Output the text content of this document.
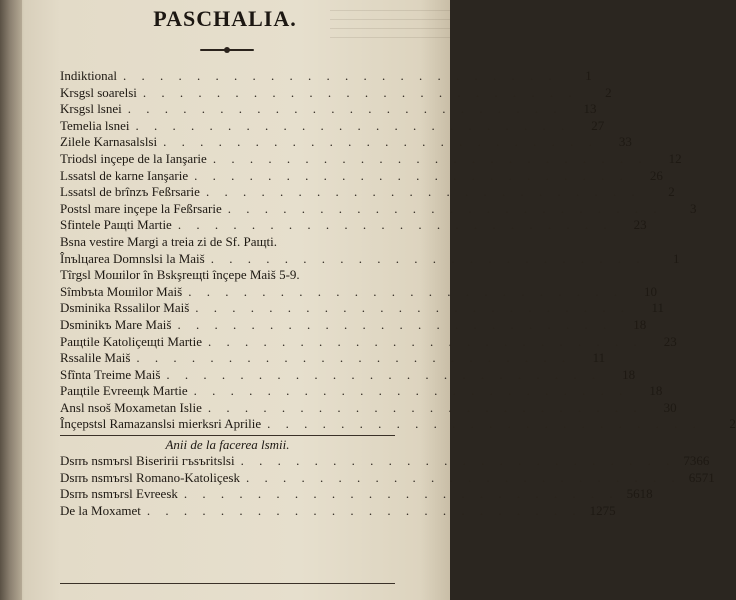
PASCHALIA.
Indiktional . . . . . . . . . . . . . . . . . . . . . . . .	1
Krsgsl soarelsi . . . . . . . . . . . . . . . . . . . . . . . .	2
Krsgsl lsnei . . . . . . . . . . . . . . . . . . . . . . . .	13
Temelia lsnei . . . . . . . . . . . . . . . . . . . . . . . .	27
Zilele Karnasalslsi . . . . . . . . . . . . . . . . . . . . . . . .	33
Triodsl inçepe de la Ianşarie . . . . . . . . . . . . . . . . . . . . . . . .	12
Lssatsl de karne Ianşarie . . . . . . . . . . . . . . . . . . . . . . . .	26
Lssatsl de brînzъ Feßrsarie . . . . . . . . . . . . . . . . . . . . . . . .	2
Postsl mare inçepe la Feßrsarie . . . . . . . . . . . . . . . . . . . . . . . .	3
Sfintele Paщti Martie . . . . . . . . . . . . . . . . . . . . . . . .	23
Bsna vestire Margi a treia zi de Sf. Paщti.
Înъlцarea Domnslsi la Maiš . . . . . . . . . . . . . . . . . . . . . . . .	1
Tîrgsl Moшilor în Bskşreщti înçepe Maiš 5-9.
Sîmbъta Moшilor Maiš . . . . . . . . . . . . . . . . . . . . . . . .	10
Dsminika Rssalilor Maiš . . . . . . . . . . . . . . . . . . . . . . . .	11
Dsminikъ Mare Maiš . . . . . . . . . . . . . . . . . . . . . . . .	18
Paщtile Katoliçeщti Martie . . . . . . . . . . . . . . . . . . . . . . . .	23
Rssalile Maiš . . . . . . . . . . . . . . . . . . . . . . . .	11
Sfînta Treime Maiš . . . . . . . . . . . . . . . . . . . . . . . .	18
Paщtile Evreeщk Martie . . . . . . . . . . . . . . . . . . . . . . . .	18
Ansl nsoš Moxametan Islie . . . . . . . . . . . . . . . . . . . . . . . .	30
Înçepstsl Ramazanslsi mierksri Aprilie . . . . . . . . . . . . . . . . . . . . . . . .	2
Anii de la facerea lsmii.
Dsпъ nsmъrsl Biseririi гъsъritslsi . . . . . . . . . . . . . . . . . . . . . . . . 7366
Dsпъ nsmъrsl Romano-Katoliçesk . . . . . . . . . . . . . . . . . . . . . . . . 6571
Dsпъ nsmъrsl Evreesk . . . . . . . . . . . . . . . . . . . . . . . . 5618
De la Moxamet . . . . . . . . . . . . . . . . . . . . . . . . 1275
